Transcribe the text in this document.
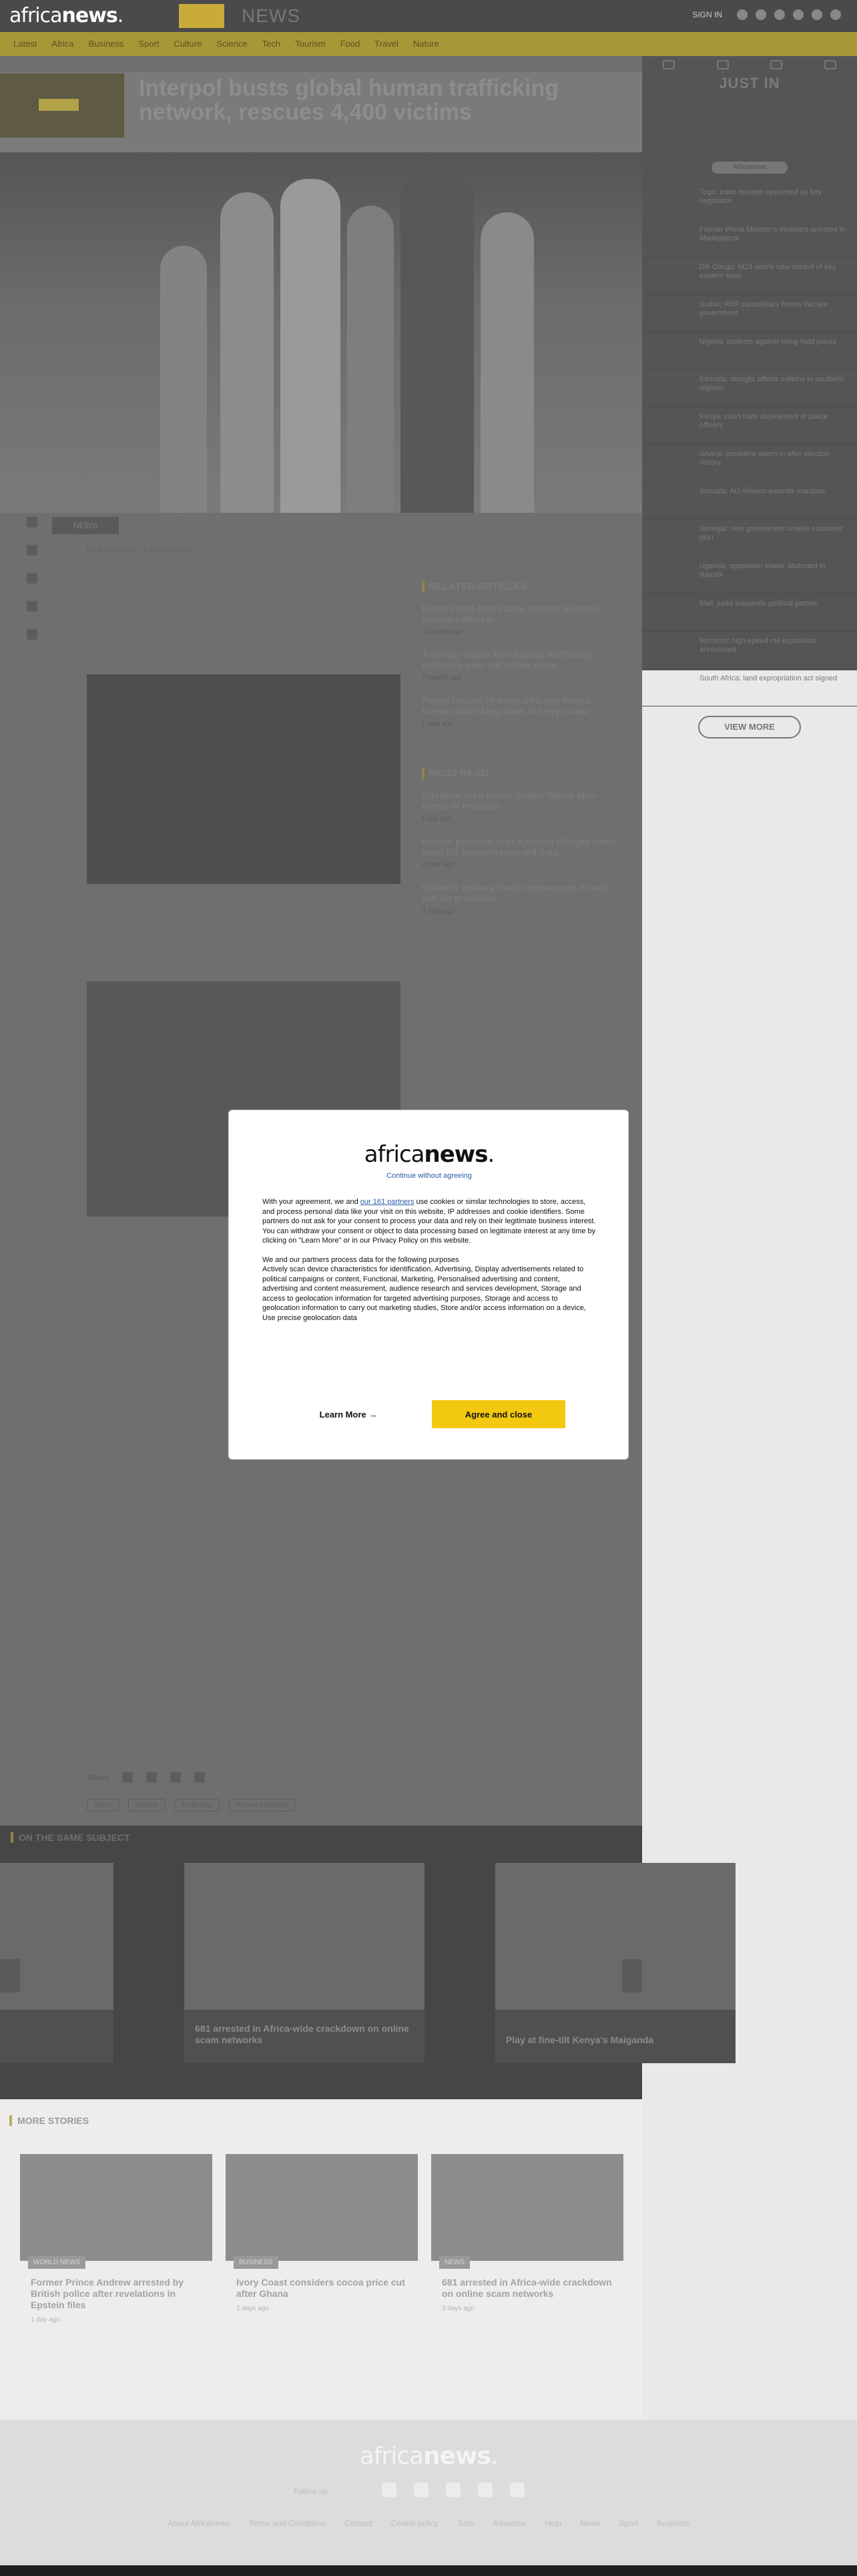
africanews.	NEWS	SIGN IN
Latest Africa Business Sport Culture Science Tech Tourism Food Travel Nature
Interpol busts global human trafficking network, rescues 4,400 victims
NEWS	Photo: Interpol — victims of trafficking rescued in a global operation
By Africanews · Last updated

RELATED ARTICLES
Dutch court hears case against Eritrean human trafficker
4 months ago
Amnesty slams first human trafficking sentence over aid online scam
7 months ago
Police rescue 70 most Africans from a human trafficking team in Ivory Coast
1 year ago
MOST READ
Ethiopia: teen Issam Cuban Weval after threat of invasion
1 day ago
Kenya: protests over Kakuma refugee camp amid US humanitarian aid cuts
2 days ago
Gabon's military leader announces he will run for president
3 days ago
Share
Africa	Interpol	Trafficking	Human trafficking
JUST IN
Africanews
Togo: trade minister appointed as key negotiator
Former Prime Minister's ministers arrested in Madagascar
DR Congo: M23 rebels take control of key eastern town
Sudan: RSF paramilitary forces declare government
Nigeria: protests against rising food prices
Ethiopia: drought affects millions in southern regions
Kenya: court halts deployment of police officers
Ghana: president sworn in after election victory
Somalia: AU mission extends mandate
Senegal: new government unveils economic plan
Uganda: opposition leader abducted in Nairobi
Mali: junta suspends political parties
Morocco: high-speed rail expansion announced
South Africa: land expropriation act signed
VIEW MORE
ON THE SAME SUBJECT
681 arrested in Africa-wide crackdown on online scam networks	Play at fine-tilt Kenya's Maiganda
MORE STORIES
WORLD NEWS
Former Prince Andrew arrested by British police after revelations in Epstein files
1 day ago
BUSINESS
Ivory Coast considers cocoa price cut after Ghana
2 days ago
NEWS
681 arrested in Africa-wide crackdown on online scam networks
3 days ago
africanews.
Follow us
About Africanews Terms and Conditions Contact Cookie policy Jobs Advertise Help News Sport Business
africanews.
Continue without agreeing

With your agreement, we and our 161 partners use cookies or similar technologies to store, access, and process personal data like your visit on this website, IP addresses and cookie identifiers. Some partners do not ask for your consent to process your data and rely on their legitimate business interest. You can withdraw your consent or object to data processing based on legitimate interest at any time by clicking on "Learn More" or in our Privacy Policy on this website.

We and our partners process data for the following purposes

Actively scan device characteristics for identification, Advertising, Display advertisements related to political campaigns or content, Functional, Marketing, Personalised advertising and content, advertising and content measurement, audience research and services development, Storage and access to geolocation information for targeted advertising purposes, Storage and access to geolocation information to carry out marketing studies, Store and/or access information on a device, Use precise geolocation data

Learn More →	Agree and close
